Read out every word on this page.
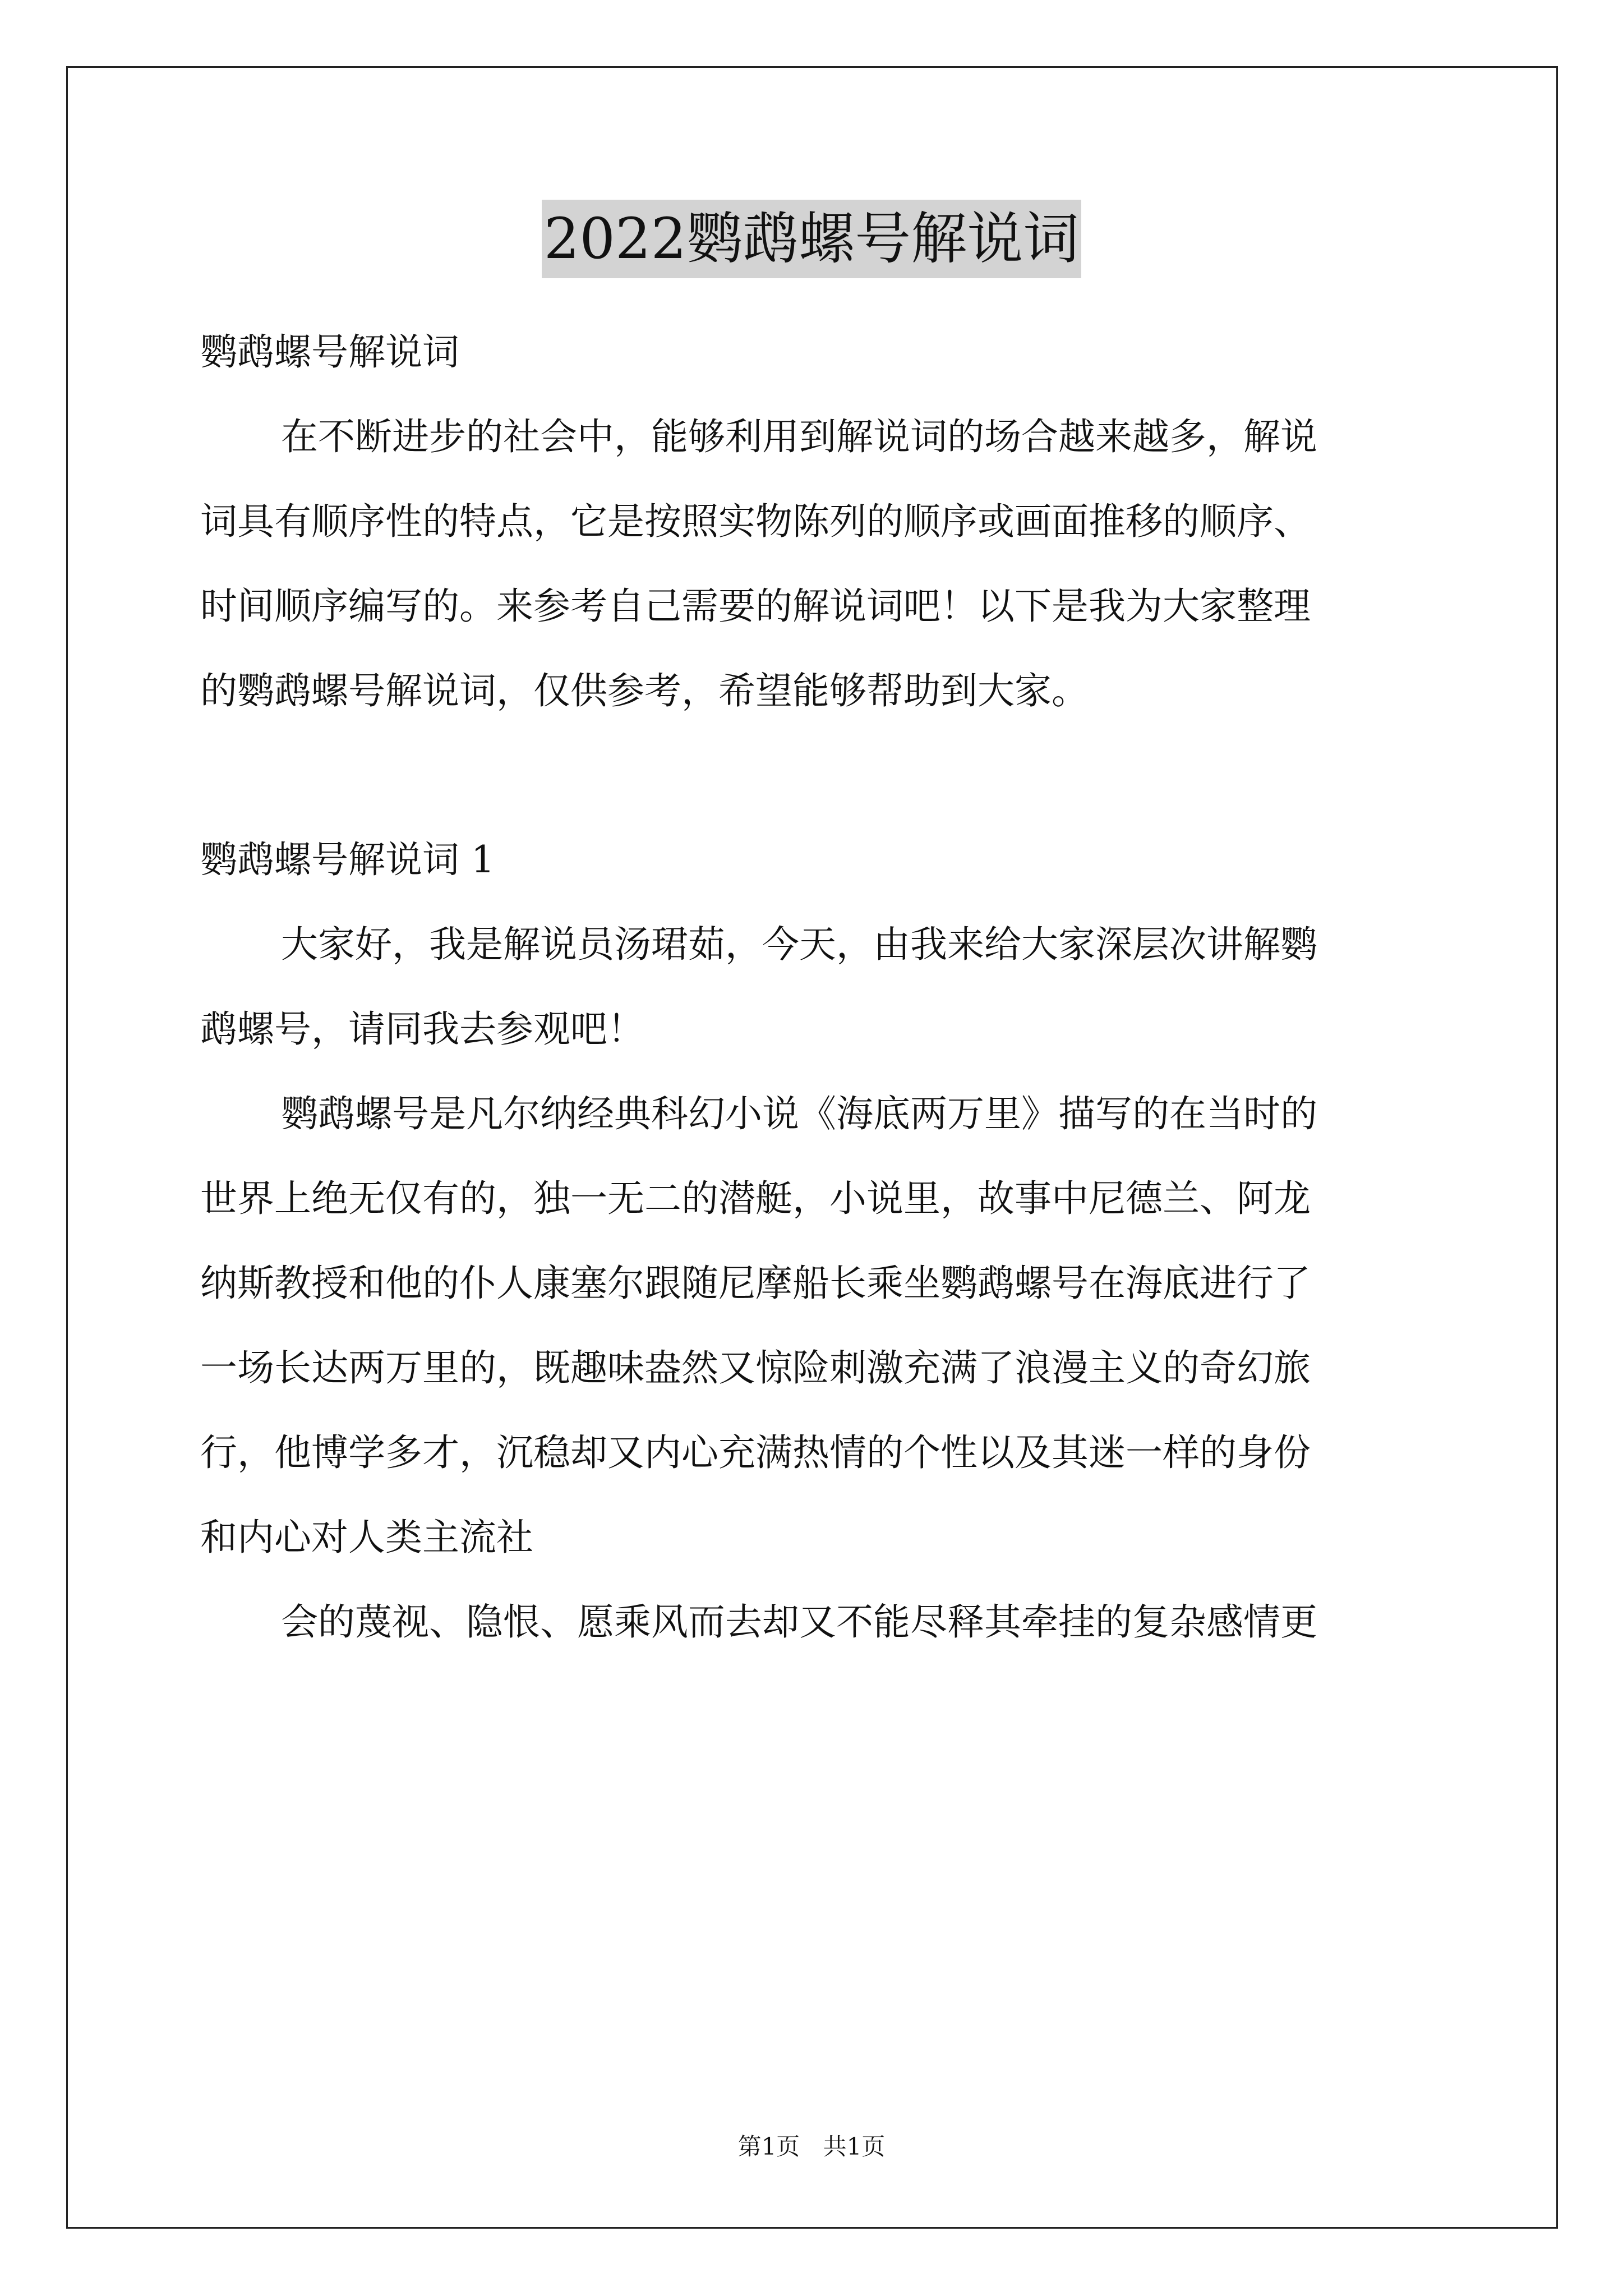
2022鹦鹉螺号解说词
鹦鹉螺号解说词
在不断进步的社会中，能够利用到解说词的场合越来越多，解说
词具有顺序性的特点，它是按照实物陈列的顺序或画面推移的顺序、
时间顺序编写的。来参考自己需要的解说词吧！以下是我为大家整理
的鹦鹉螺号解说词，仅供参考，希望能够帮助到大家。
鹦鹉螺号解说词 1
大家好，我是解说员汤珺茹，今天，由我来给大家深层次讲解鹦
鹉螺号，请同我去参观吧！
鹦鹉螺号是凡尔纳经典科幻小说《海底两万里》描写的在当时的
世界上绝无仅有的，独一无二的潜艇，小说里，故事中尼德兰、阿龙
纳斯教授和他的仆人康塞尔跟随尼摩船长乘坐鹦鹉螺号在海底进行了
一场长达两万里的，既趣味盎然又惊险刺激充满了浪漫主义的奇幻旅
行，他博学多才，沉稳却又内心充满热情的个性以及其迷一样的身份
和内心对人类主流社
会的蔑视、隐恨、愿乘风而去却又不能尽释其牵挂的复杂感情更
第1页 共1页
